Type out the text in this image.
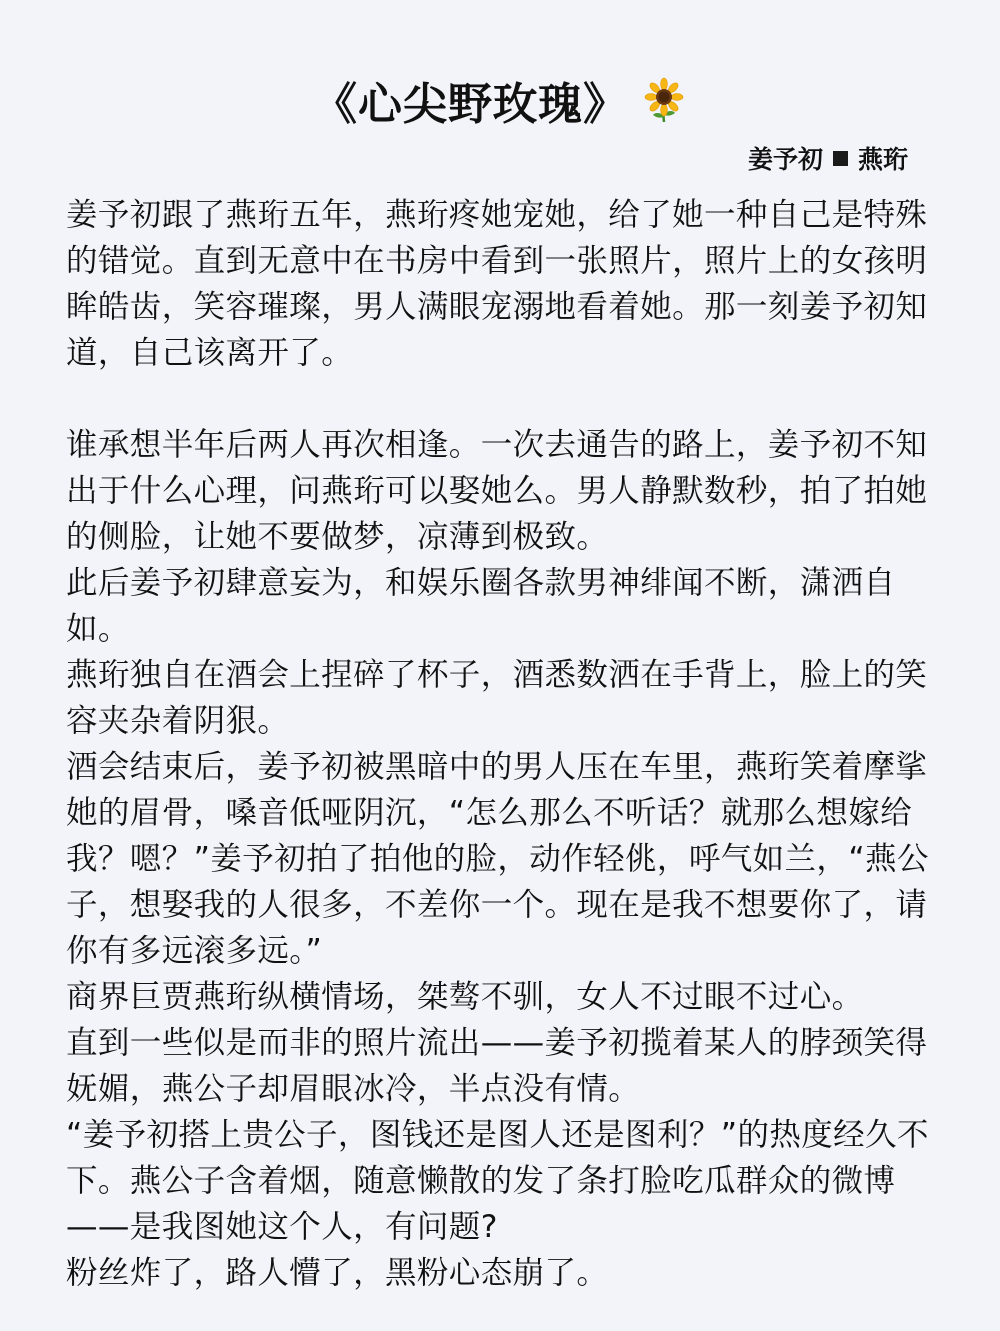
《心尖野玫瑰》
姜予初 燕珩

姜予初跟了燕珩五年，燕珩疼她宠她，给了她一种自己是特殊的错觉。直到无意中在书房中看到一张照片，照片上的女孩明眸皓齿，笑容璀璨，男人满眼宠溺地看着她。那一刻姜予初知道，自己该离开了。

谁承想半年后两人再次相逢。一次去通告的路上，姜予初不知出于什么心理，问燕珩可以娶她么。男人静默数秒，拍了拍她的侧脸，让她不要做梦，凉薄到极致。

此后姜予初肆意妄为，和娱乐圈各款男神绯闻不断，潇洒自如。

燕珩独自在酒会上捏碎了杯子，酒悉数洒在手背上，脸上的笑容夹杂着阴狠。

酒会结束后，姜予初被黑暗中的男人压在车里，燕珩笑着摩挲她的眉骨，嗓音低哑阴沉，“怎么那么不听话？就那么想嫁给我？嗯？”姜予初拍了拍他的脸，动作轻佻，呼气如兰，“燕公子，想娶我的人很多，不差你一个。现在是我不想要你了，请你有多远滚多远。”

商界巨贾燕珩纵横情场，桀骜不驯，女人不过眼不过心。

直到一些似是而非的照片流出——姜予初揽着某人的脖颈笑得妩媚，燕公子却眉眼冰冷，半点没有情。

“姜予初搭上贵公子，图钱还是图人还是图利？”的热度经久不下。燕公子含着烟，随意懒散的发了条打脸吃瓜群众的微博——是我图她这个人，有问题?

粉丝炸了，路人懵了，黑粉心态崩了。
